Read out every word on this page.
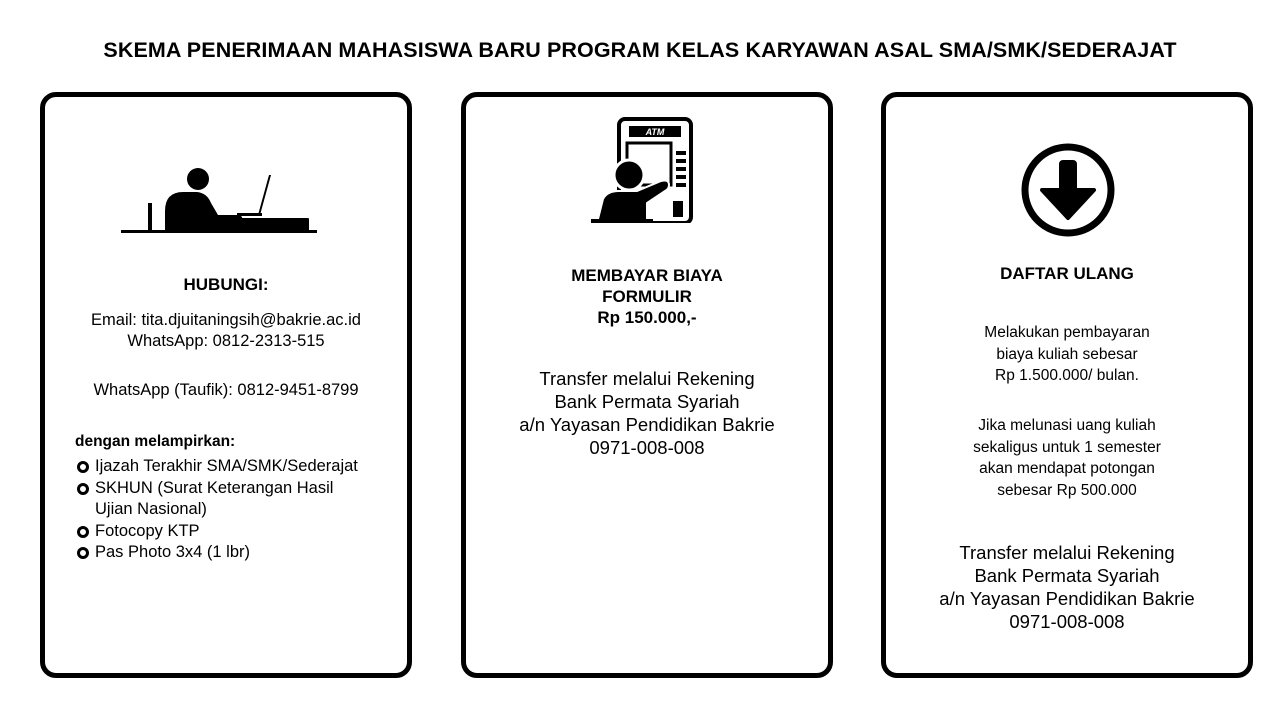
SKEMA PENERIMAAN MAHASISWA BARU PROGRAM KELAS KARYAWAN ASAL SMA/SMK/SEDERAJAT
HUBUNGI:
Email: tita.djuitaningsih@bakrie.ac.id
WhatsApp: 0812-2313-515
WhatsApp (Taufik): 0812-9451-8799
dengan melampirkan:
Ijazah Terakhir SMA/SMK/Sederajat
SKHUN (Surat Keterangan Hasil
Ujian Nasional)
Fotocopy KTP
Pas Photo 3x4 (1 lbr)
ATM
MEMBAYAR BIAYA
FORMULIR
Rp 150.000,-
Transfer melalui Rekening
Bank Permata Syariah
a/n Yayasan Pendidikan Bakrie
0971-008-008
DAFTAR ULANG
Melakukan pembayaran
biaya kuliah sebesar
Rp 1.500.000/ bulan.
Jika melunasi uang kuliah
sekaligus untuk 1 semester
akan mendapat potongan
sebesar Rp 500.000
Transfer melalui Rekening
Bank Permata Syariah
a/n Yayasan Pendidikan Bakrie
0971-008-008
